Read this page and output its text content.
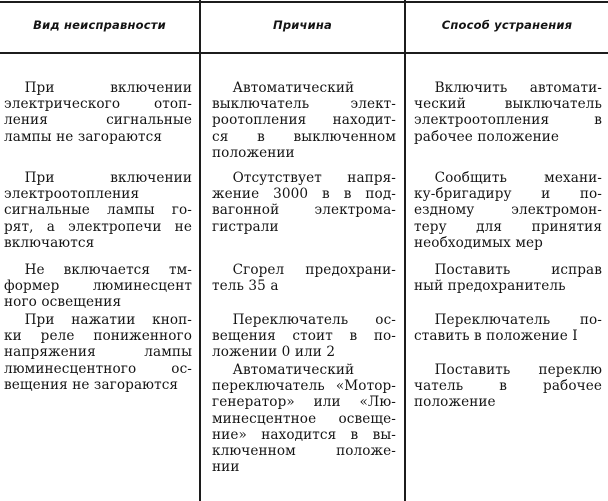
Вид неисправности	Причина	Способ устранения
  При включении
электрического отоп-
ления сигнальные
лампы не загораются
  Автоматический
выключатель элект-
роотопления находит-
ся в выключенном
положении
  Включить автомати-
ческий выключатель
электроотопления в
рабочее положение
  При включении
электроотопления
сигнальные лампы го-
рят, а электропечи не
включаются
  Отсутствует напря-
жение 3000 в в под-
вагонной электрома-
гистрали
  Сообщить механи-
ку-бригадиру и по-
ездному электромон-
теру для принятия
необходимых мер
  Не включается тм-
формер люминесцент
ного освещения
  Сгорел предохрани-
тель 35 а
  Поставить исправ
ный предохранитель
  При нажатии кноп-
ки реле пониженного
напряжения лампы
люминесцентного ос-
вещения не загораются
  Переключатель ос-
вещения стоит в по-
ложении 0 или 2
  Переключатель по-
ставить в положение I
  Автоматический
переключатель «Мотор-
генератор» или «Лю-
минесцентное освеще-
ние» находится в вы-
ключенном положе-
нии
  Поставить переклю
чатель в рабочее
положение
